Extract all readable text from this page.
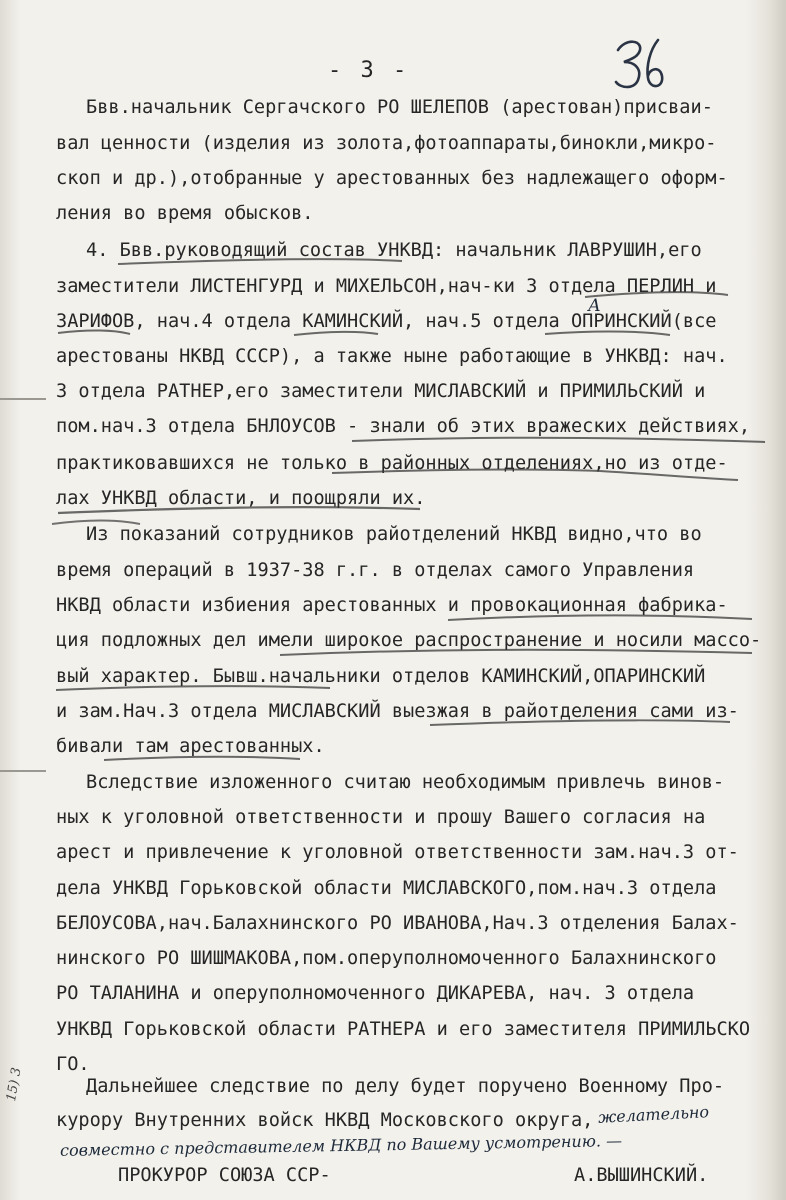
- 3 -
Бвв.начальник Сергачского РО ШЕЛЕПОВ (арестован)присваи-
вал ценности (изделия из золота,фотоаппараты,бинокли,микро-
скоп и др.),отобранные у арестованных без надлежащего оформ-
ления во время обысков.
4. Бвв.руководящий состав УНКВД: начальник ЛАВРУШИН,его
заместители ЛИСТЕНГУРД и МИХЕЛЬСОН,нач-ки 3 отдела ПЕРЛИН и
ЗАРИФОВ, нач.4 отдела КАМИНСКИЙ, нач.5 отдела ОПРИНСКИЙ(все
арестованы НКВД СССР), а также ныне работающие в УНКВД: нач.
3 отдела РАТНЕР,его заместители МИСЛАВСКИЙ и ПРИМИЛЬСКИЙ и
пом.нач.3 отдела БНЛОУСОВ - знали об этих вражеских действиях,
практиковавшихся не только в районных отделениях,но из отде-
лах УНКВД области, и поощряли их.
Из показаний сотрудников райотделений НКВД видно,что во
время операций в 1937-38 г.г. в отделах самого Управления
НКВД области избиения арестованных и провокационная фабрика-
ция подложных дел имели широкое распространение и носили массо-
вый характер. Бывш.начальники отделов КАМИНСКИЙ,ОПАРИНСКИЙ
и зам.Нач.3 отдела МИСЛАВСКИЙ выезжая в райотделения сами из-
бивали там арестованных.
Вследствие изложенного считаю необходимым привлечь винов-
ных к уголовной ответственности и прошу Вашего согласия на
арест и привлечение к уголовной ответственности зам.нач.3 от-
дела УНКВД Горьковской области МИСЛАВСКОГО,пом.нач.3 отдела
БЕЛОУСОВА,нач.Балахнинского РО ИВАНОВА,Нач.3 отделения Балах-
нинского РО ШИШМАКОВА,пом.оперуполномоченного Балахнинского
РО ТАЛАНИНА и оперуполномоченного ДИКАРЕВА, нач. 3 отдела
УНКВД Горьковской области РАТНЕРА и его заместителя ПРИМИЛЬСКО
ГО.
Дальнейшее следствие по делу будет поручено Военному Про-
курору Внутренних войск НКВД Московского округа, желательно
совместно с представителем НКВД по Вашему усмотрению. —
А
ПРОКУРОР СОЮЗА ССР-	А.ВЫШИНСКИЙ.
15) 3
